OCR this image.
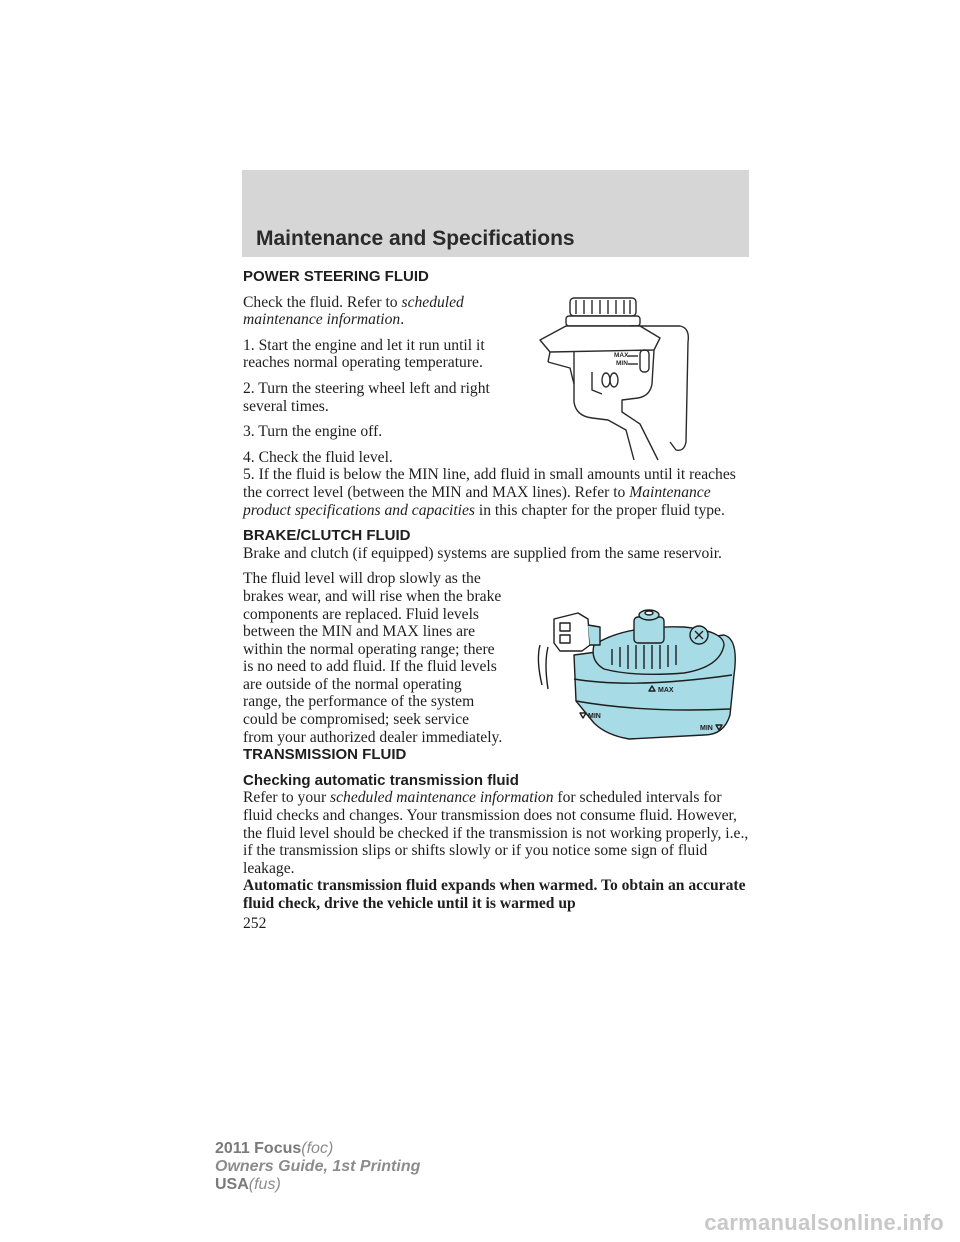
Maintenance and Specifications
POWER STEERING FLUID

Check the fluid. Refer to scheduled maintenance information.

1. Start the engine and let it run until it reaches normal operating temperature.

2. Turn the steering wheel left and right several times.

3. Turn the engine off.

4. Check the fluid level.

5. If the fluid is below the MIN line, add fluid in small amounts until it reaches the correct level (between the MIN and MAX lines). Refer to Maintenance product specifications and capacities in this chapter for the proper fluid type.

BRAKE/CLUTCH FLUID

Brake and clutch (if equipped) systems are supplied from the same reservoir.

The fluid level will drop slowly as the brakes wear, and will rise when the brake components are replaced. Fluid levels between the MIN and MAX lines are within the normal operating range; there is no need to add fluid. If the fluid levels are outside of the normal operating range, the performance of the system could be compromised; seek service from your authorized dealer immediately.

TRANSMISSION FLUID
Checking automatic transmission fluid

Refer to your scheduled maintenance information for scheduled intervals for fluid checks and changes. Your transmission does not consume fluid. However, the fluid level should be checked if the transmission is not working properly, i.e., if the transmission slips or shifts slowly or if you notice some sign of fluid leakage.

Automatic transmission fluid expands when warmed. To obtain an accurate fluid check, drive the vehicle until it is warmed up

252
MAX
MIN
MAX
MIN
MIN
2011 Focus(foc)
Owners Guide, 1st Printing
USA(fus)
carmanualsonline.info
